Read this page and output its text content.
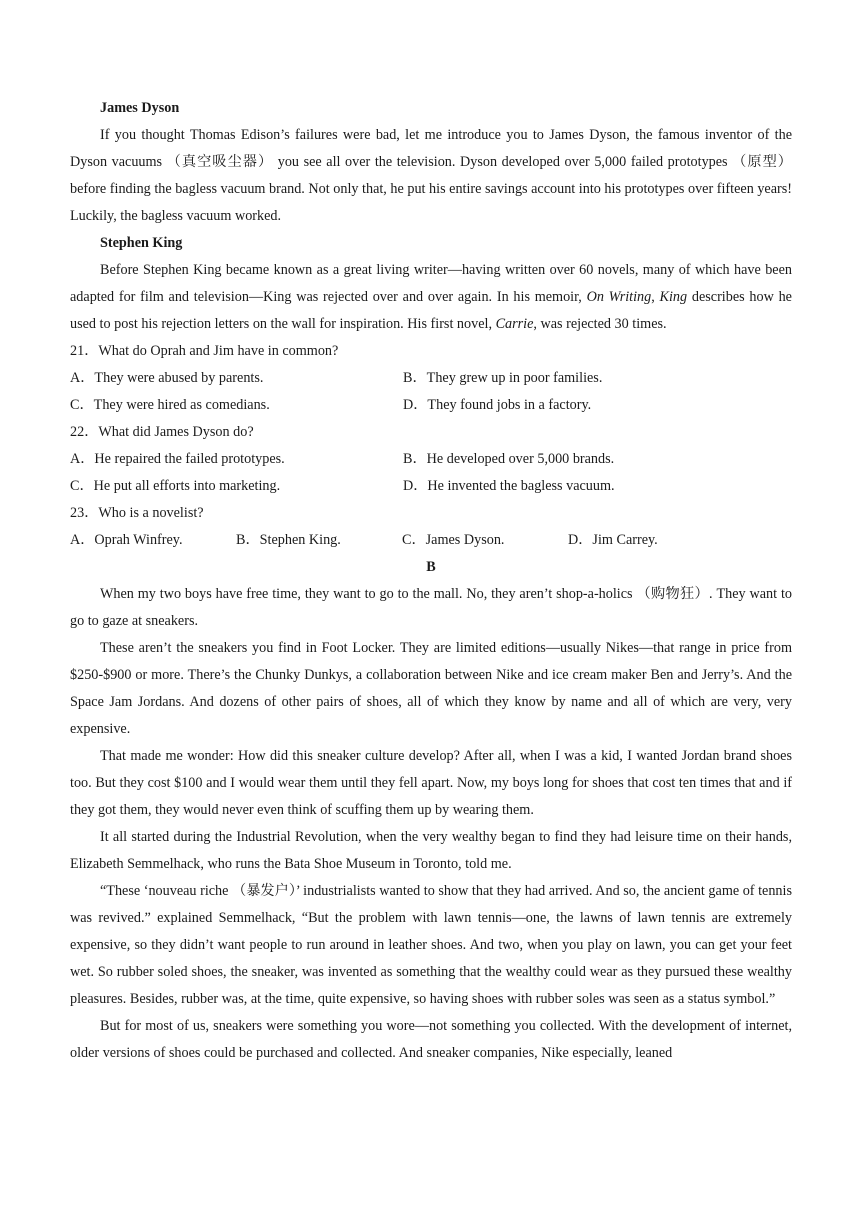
James Dyson
If you thought Thomas Edison’s failures were bad, let me introduce you to James Dyson, the famous inventor of the Dyson vacuums （真空吸尘器） you see all over the television. Dyson developed over 5,000 failed prototypes （原型） before finding the bagless vacuum brand. Not only that, he put his entire savings account into his prototypes over fifteen years! Luckily, the bagless vacuum worked.
Stephen King
Before Stephen King became known as a great living writer—having written over 60 novels, many of which have been adapted for film and television—King was rejected over and over again. In his memoir, On Writing, King describes how he used to post his rejection letters on the wall for inspiration. His first novel, Carrie, was rejected 30 times.
21．What do Oprah and Jim have in common?
A．They were abused by parents.	B．They grew up in poor families.
C．They were hired as comedians.	D．They found jobs in a factory.
22．What did James Dyson do?
A．He repaired the failed prototypes.	B．He developed over 5,000 brands.
C．He put all efforts into marketing.	D．He invented the bagless vacuum.
23．Who is a novelist?
A．Oprah Winfrey.	B．Stephen King.	C．James Dyson.	D．Jim Carrey.
B
When my two boys have free time, they want to go to the mall. No, they aren’t shop-a-holics （购物狂）. They want to go to gaze at sneakers.
These aren’t the sneakers you find in Foot Locker. They are limited editions—usually Nikes—that range in price from $250-$900 or more. There’s the Chunky Dunkys, a collaboration between Nike and ice cream maker Ben and Jerry’s. And the Space Jam Jordans. And dozens of other pairs of shoes, all of which they know by name and all of which are very, very expensive.
That made me wonder: How did this sneaker culture develop? After all, when I was a kid, I wanted Jordan brand shoes too. But they cost $100 and I would wear them until they fell apart. Now, my boys long for shoes that cost ten times that and if they got them, they would never even think of scuffing them up by wearing them.
It all started during the Industrial Revolution, when the very wealthy began to find they had leisure time on their hands, Elizabeth Semmelhack, who runs the Bata Shoe Museum in Toronto, told me.
“These ‘nouveau riche （暴发户）’ industrialists wanted to show that they had arrived. And so, the ancient game of tennis was revived.” explained Semmelhack, “But the problem with lawn tennis—one, the lawns of lawn tennis are extremely expensive, so they didn’t want people to run around in leather shoes. And two, when you play on lawn, you can get your feet wet. So rubber soled shoes, the sneaker, was invented as something that the wealthy could wear as they pursued these wealthy pleasures. Besides, rubber was, at the time, quite expensive, so having shoes with rubber soles was seen as a status symbol.”
But for most of us, sneakers were something you wore—not something you collected. With the development of internet, older versions of shoes could be purchased and collected. And sneaker companies, Nike especially, leaned
